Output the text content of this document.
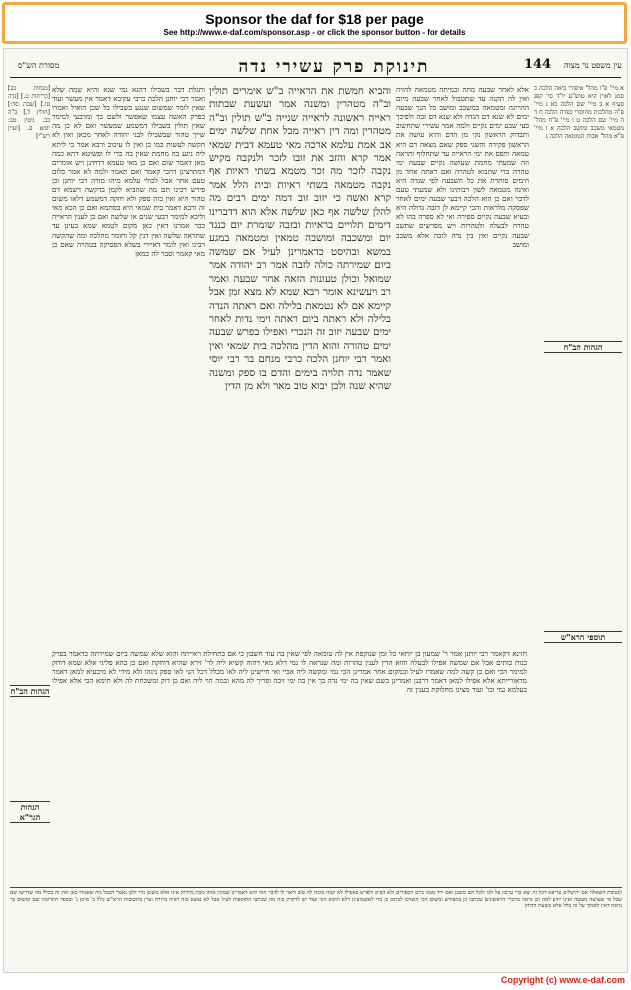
Sponsor the daf for $18 per page
See http://www.e-daf.com/sponsor.asp - or click the sponsor button - for details
144
תינוקת פרק עשירי נדה
מסורת הש"ס	עין משפט נר מצוה
א מיי' פ"ו מהל' איסורי ביאה הלכה כ סמג לאוין קיא טוש"ע יו"ד סי' קפג סעיף א ב מיי' שם הלכה כא ג מיי' פ"ה מהלכות מחוסרי כפרה הלכה ח ד ה מיי' שם הלכה ט ו מיי' פ"ח מהל' מטמאי משכב ומושב הלכה א ז מיי' פ"א מהל' אבות הטומאה הלכה ג
אלא לאחר שבעה מתה ובמיתה מטמאה להזיה ואין לה תקנה עד שתטבול לאחר שבעה מיום ההריגה ומטמאה במשכב ומושב כל הנך שבעה ימים לא שנא דם הנדה ולא שנא דם זבה ולפיכך בעי שבע ימים נקיים ולמה אמר עשירי שתחשוב ותבדוק הראשון נקי מן הדם והיא עושה את הראשון פקידה והשני ספק שאם מצאה דם היא טמאה ותפס את ימי הראייה עד שתחלוף ותראה וזה שמעתי מחמת שעושה נקיים שבעה ימי טהרה כדי שתבוא לטהרה ואם ראתה אחד מן הימים סותרת את כל השבעה לפי שנדה היא ואינה מטמאה לשון רבותינו ולא שמעתי טעם לדבר ואם כן הוא הלכה דבעי שבעה ימים לאחר שפסקה מלראות והכי קיימא לן דזבה גדולה היא ובעיא שבעה נקיים ספירה ואי לא ספרה בהו לא טהרה לבעלה ולטהרות ויש מפרשים שתשב שבעה נקיים ואין בין נדה לזבה אלא משכב ומושב
והביא חמשת את הראייה כ"ש אימרים תולין וב"ה מטהרין ומשנה אמר ועשעת שבתות ראייה ראשונה לראייה שנייה ב"ש תולין וב"ה מטהרין ומה דין ראייה מכל אחת שלשה ימים אב אמת עלמא ארכה מאי טעמא דבית שמאי אמר קרא והזב את זובו לזכר ולנקבה מקיש נקבה לזכר מה זכר מטמא בשתי ראיות אף נקבה מטמאה בשתי ראיות ובית הלל אמר קרא ואשה כי יזוב זוב דמה ימים רבים מה להלן שלשה אף כאן שלשה אלא הוא דדברינו דימים תלויים בראיות ובזבה שומרת יום כנגד יום ומשכבה ומושבה טמאין ומטמאה במגע במשא ובהיסט כדאמרינן לעיל אם שמשה ביום שמירתה כולה לזבה אמר רב יהודה אמר שמואל וכולן טעונות הזאה אחר שבעה ואמר רב ויעשינא אומר רבא שמא לא מצא זמן אבל קיימא אם לא נטמאת בלילה ואם ראתה הנדה בלילה ולא ראתה ביום ראתה וימי נדות לאחר ימים שבעה יזוב זה הנכרי ואפילו בפרש שבעה ימים טהורה והוא הדין מהלכה בית שמאי ואין ואמר רבי יוחנן הלכה כרבי מנחם בר רבי יוסי שאמר נדה תלויה בימים והדם בו ספק ומשנה שהיא שנה ולכן יבוא טוב מאר ולא מן הדין
ותגלת דבר בשבילו דהנא נמי שנא והיא שמה שלא ואמר רבי יוחנן הלכה כרבי עקיבא דאמר אין מעשר ועוד שאין לומר שמשום שנגע בשבילו כל שכן הואיל ואמרו בפרק האשה עצמו שאפשר ולשם כך ומדבעי למימר שאין תולין בשבילו דמשמע שמעשר ואם לא כן מה שייך טהור שבשבילו לבני יהודה לאחר מכאן ואין לא הקשה לעשות כמו כן ואין לו עיכוב ורבא אמר כי ליתא ליה ניגע בה מחמת שאין בה כדי לו ופשיטא דהא כמה מאן דאמר שום ואם כן מאי טעמא דדחינן ויש אומרים דמתרצינן דהכי קאמר ואם תאמר ולמה לא אמר כלום טעם אחר אבל לכולי עלמא מיהו מודה רבי יוחנן וכן פירש רבינו תם מה שהביא לקמן בדקשה דשמא דם טהור היא ואין בזה ספק ולא חזקה דמשמע דלאו משום זה ורבא דאמר בית שמאי היא בסתמא ואם כן הכא מאי וליכא למימר דבעי שנים או שלשה ואם כן לענין הראייה כבר אמרנו דאין כאן מקום לטמא שמא בעינן עד שתראה שלשה ואין דנין קל וחומר מהלכה ומה שהקשה רבינו ואין לומר דאיירי בשלא הפסיקה בטהרה שאם כן מאי קאמר וסבר לה כמאן
[מנחות כב] [כריתות ט.] [נדה סו.] [שבת סד:] [חולין ל.] ב"ה כב. גיטין מב: יומא פ. [ועיין רש"י]
חזינא דקאמר רבי יוחנן אמר ר' שמעון בן יוחאי כל זמן שנוקפת אין לה טומאה לפי שאין בה עוד חשבון כי אם בתחילת ראייתה והוא שלא שמשה ביום שמירתה כדאמר בפרק בנות כותים אבל אם שמשה אפילו לבעלה והוא הדין לענין טהרות ומה שנראה לו נמי דלא מאי דהוה קשיא ליה לר' זירא שהיא דוחקת ואם כן בהא פליגי אלא שמא דוחק למימר הכי ואם כן קשה למה שאמרו לעיל ובמקום אחר אמרינן הכי נמי ומקשה ליה אביי ואי חיישינן ליה לאו מכלל דכל הני לאו ספק נינהו ולא מידי לא מיבעיא למאן דאמר מדאורייתא אלא אפילו למאן דאמר דרבנן ואמרינן כשם שאין בה ימי נדה כך אין בה ימי זיבה ופריך לה מהא וכמה הוי ליה ואם כן דוק ומשכחת לה ולא תימא הכי אלא אפילו בעלמא נמי וכו' ועוד מצינו מחלוקת בענין זה
הגהות הב"ח
תוספי הרא"ש
הגהות הב"ח
הגהות הגר"א
לנטובת השאלה אם ירושלים עדיפא דכל זה יצא כדי ערבון על לכו ולכל הם משכן ואם ירד ממנו ביום הכפורים ולא הביא ולפרש באפילו לא קמה מוכח לה טוב וראוי לו לדבר הזה והא דאמרינן שמכין אותו מכת מרדות אינו אלא משום גדר ולכן נאמר דבטל מה שאמרו כאן ואין זה בכלל מה שדרשו שם שכל מי שעושה מעשה ואינו יודע למה וכן נראה מדברי הראשונים שכתבו כן במפורש ומשום הכי הוצרכו לכתוב כן כדי לאשמועינן דלא תימא הכי ועוד יש לדקדק בזה מה שכתבו התוספות לעיל אבל לא נמצא בזה ראיה ברורה ועיין בתשובות הרא"ש כלל ב' סימן ג' ובספר התרומה שם ומשום כך נראה דאין לסמוך על זה כלל אלא בשעת הדחק
Copyright (c) www.e-daf.com
